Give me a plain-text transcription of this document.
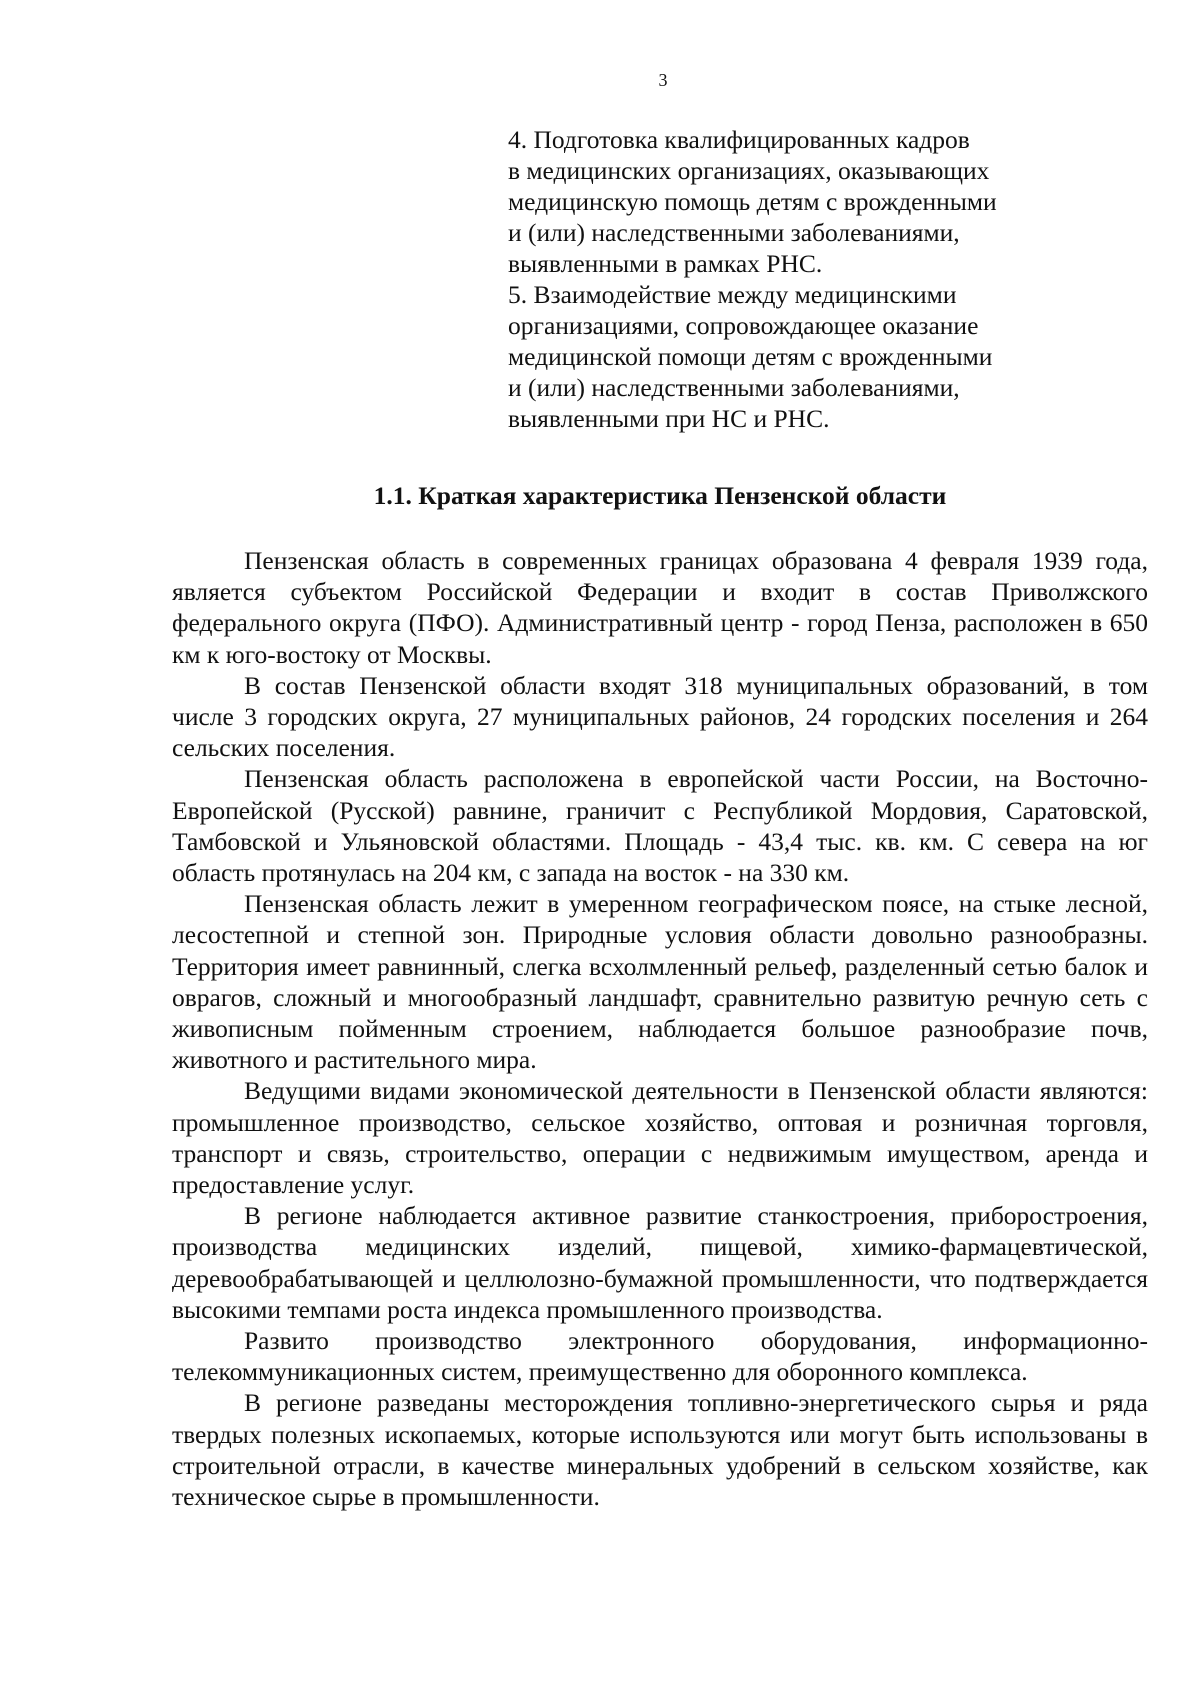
3

4. Подготовка квалифицированных кадров
в медицинских организациях, оказывающих
медицинскую помощь детям с врожденными
и (или) наследственными заболеваниями,
выявленными в рамках РНС.

5. Взаимодействие между медицинскими
организациями, сопровождающее оказание
медицинской помощи детям с врожденными
и (или) наследственными заболеваниями,
выявленными при НС и РНС.

1.1. Краткая характеристика Пензенской области

Пензенская область в современных границах образована 4 февраля 1939 года, является субъектом Российской Федерации и входит в состав Приволжского федерального округа (ПФО). Административный центр - город Пенза, расположен в 650 км к юго-востоку от Москвы.

В состав Пензенской области входят 318 муниципальных образований, в том числе 3 городских округа, 27 муниципальных районов, 24 городских поселения и 264 сельских поселения.

Пензенская область расположена в европейской части России, на Восточно-Европейской (Русской) равнине, граничит с Республикой Мордовия, Саратовской, Тамбовской и Ульяновской областями. Площадь - 43,4 тыс. кв. км. С севера на юг область протянулась на 204 км, с запада на восток - на 330 км.

Пензенская область лежит в умеренном географическом поясе, на стыке лесной, лесостепной и степной зон. Природные условия области довольно разнообразны. Территория имеет равнинный, слегка всхолмленный рельеф, разделенный сетью балок и оврагов, сложный и многообразный ландшафт, сравнительно развитую речную сеть с живописным пойменным строением, наблюдается большое разнообразие почв, животного и растительного мира.

Ведущими видами экономической деятельности в Пензенской области являются: промышленное производство, сельское хозяйство, оптовая и розничная торговля, транспорт и связь, строительство, операции с недвижимым имуществом, аренда и предоставление услуг.

В регионе наблюдается активное развитие станкостроения, приборостроения, производства медицинских изделий, пищевой, химико-фармацевтической, деревообрабатывающей и целлюлозно-бумажной промышленности, что подтверждается высокими темпами роста индекса промышленного производства.

Развито производство электронного оборудования, информационно-телекоммуникационных систем, преимущественно для оборонного комплекса.

В регионе разведаны месторождения топливно-энергетического сырья и ряда твердых полезных ископаемых, которые используются или могут быть использованы в строительной отрасли, в качестве минеральных удобрений в сельском хозяйстве, как техническое сырье в промышленности.
